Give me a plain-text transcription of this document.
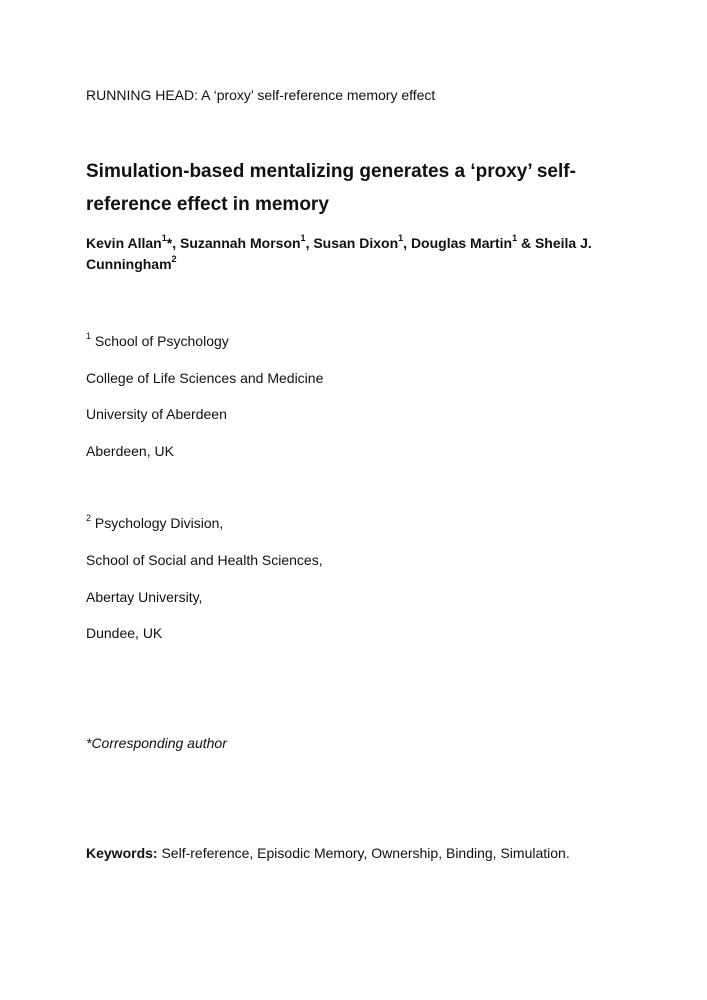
RUNNING HEAD: A ‘proxy’ self-reference memory effect
Simulation-based mentalizing generates a ‘proxy’ self-reference effect in memory
Kevin Allan$^1$*, Suzannah Morson$^1$, Susan Dixon$^1$, Douglas Martin$^1$ & Sheila J. Cunningham$^2$
$^1$ School of Psychology
College of Life Sciences and Medicine
University of Aberdeen
Aberdeen, UK
$^2$ Psychology Division,
School of Social and Health Sciences,
Abertay University,
Dundee, UK
*Corresponding author
Keywords: Self-reference, Episodic Memory, Ownership, Binding, Simulation.
